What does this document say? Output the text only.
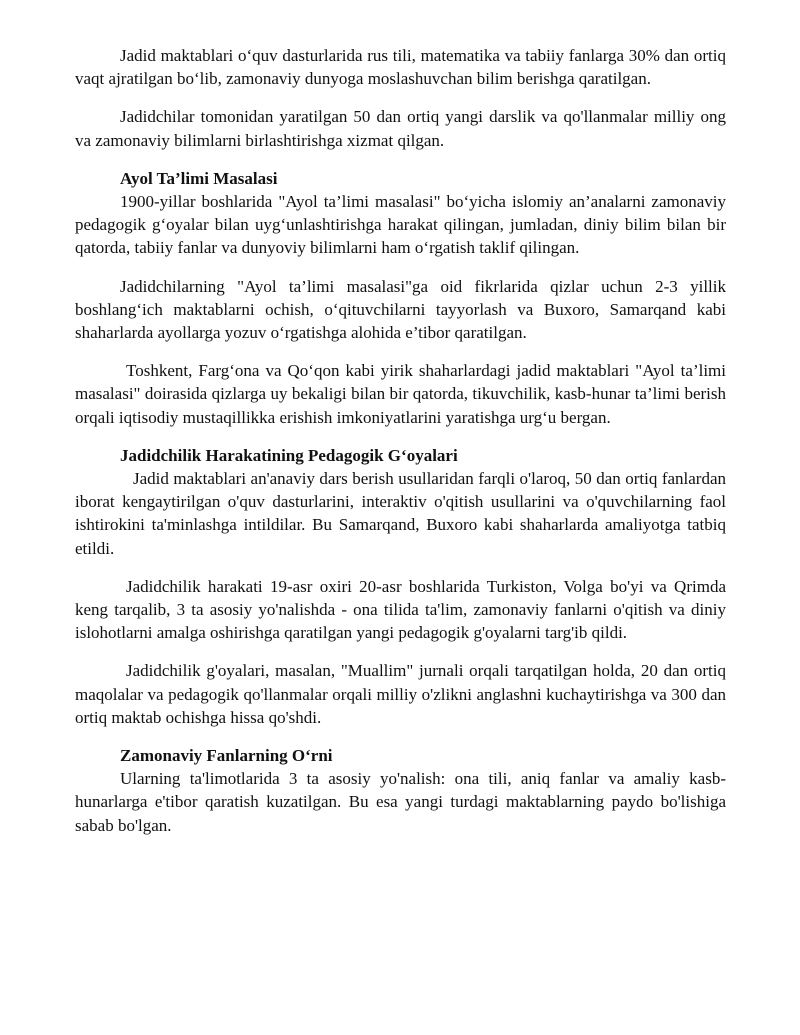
Jadid maktablari o‘quv dasturlarida rus tili, matematika va tabiiy fanlarga 30% dan ortiq vaqt ajratilgan bo‘lib, zamonaviy dunyoga moslashuvchan bilim berishga qaratilgan.

Jadidchilar tomonidan yaratilgan 50 dan ortiq yangi darslik va qo'llanmalar milliy ong va zamonaviy bilimlarni birlashtirishga xizmat qilgan.

Ayol Ta’limi Masalasi

1900-yillar boshlarida "Ayol ta’limi masalasi" bo‘yicha islomiy an’analarni zamonaviy pedagogik g‘oyalar bilan uyg‘unlashtirishga harakat qilingan, jumladan, diniy bilim bilan bir qatorda, tabiiy fanlar va dunyoviy bilimlarni ham o‘rgatish taklif qilingan.

Jadidchilarning "Ayol ta’limi masalasi"ga oid fikrlarida qizlar uchun 2-3 yillik boshlang‘ich maktablarni ochish, o‘qituvchilarni tayyorlash va Buxoro, Samarqand kabi shaharlarda ayollarga yozuv o‘rgatishga alohida e’tibor qaratilgan.

Toshkent, Farg‘ona va Qo‘qon kabi yirik shaharlardagi jadid maktablari "Ayol ta’limi masalasi" doirasida qizlarga uy bekaligi bilan bir qatorda, tikuvchilik, kasb-hunar ta’limi berish orqali iqtisodiy mustaqillikka erishish imkoniyatlarini yaratishga urg‘u bergan.

Jadidchilik Harakatining Pedagogik G‘oyalari

Jadid maktablari an'anaviy dars berish usullaridan farqli o'laroq, 50 dan ortiq fanlardan iborat kengaytirilgan o'quv dasturlarini, interaktiv o'qitish usullarini va o'quvchilarning faol ishtirokini ta'minlashga intildilar. Bu Samarqand, Buxoro kabi shaharlarda amaliyotga tatbiq etildi.

Jadidchilik harakati 19-asr oxiri 20-asr boshlarida Turkiston, Volga bo'yi va Qrimda keng tarqalib, 3 ta asosiy yo'nalishda - ona tilida ta'lim, zamonaviy fanlarni o'qitish va diniy islohotlarni amalga oshirishga qaratilgan yangi pedagogik g'oyalarni targ'ib qildi.

Jadidchilik g'oyalari, masalan, "Muallim" jurnali orqali tarqatilgan holda, 20 dan ortiq maqolalar va pedagogik qo'llanmalar orqali milliy o'zlikni anglashni kuchaytirishga va 300 dan ortiq maktab ochishga hissa qo'shdi.

Zamonaviy Fanlarning O‘rni

Ularning ta'limotlarida 3 ta asosiy yo'nalish: ona tili, aniq fanlar va amaliy kasb-hunarlarga e'tibor qaratish kuzatilgan. Bu esa yangi turdagi maktablarning paydo bo'lishiga sabab bo'lgan.
